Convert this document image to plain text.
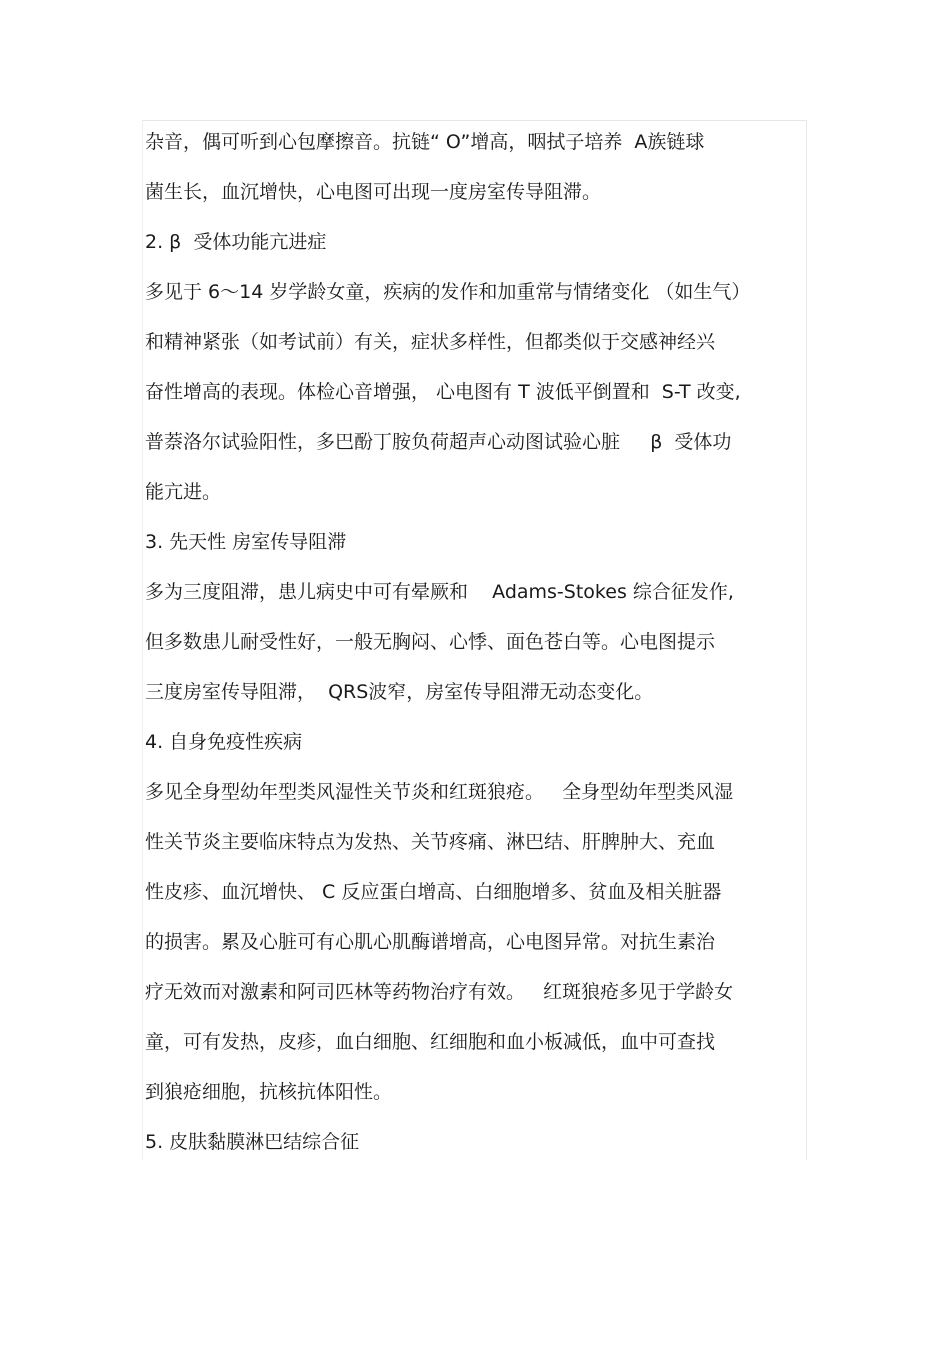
杂音，偶可听到心包摩擦音。抗链“ O”增高，咽拭子培养  A族链球
菌生长，血沉增快，心电图可出现一度房室传导阻滞。
2. β  受体功能亢进症
多见于 6～14 岁学龄女童，疾病的发作和加重常与情绪变化 （如生气）
和精神紧张（如考试前）有关，症状多样性，但都类似于交感神经兴
奋性增高的表现。体检心音增强， 心电图有 T 波低平倒置和  S-T 改变,
普萘洛尔试验阳性，多巴酚丁胺负荷超声心动图试验心脏     β  受体功
能亢进。
3. 先天性 房室传导阻滞
多为三度阻滞，患儿病史中可有晕厥和    Adams-Stokes 综合征发作,
但多数患儿耐受性好，一般无胸闷、心悸、面色苍白等。心电图提示
三度房室传导阻滞，  QRS波窄，房室传导阻滞无动态变化。
4. 自身免疫性疾病
多见全身型幼年型类风湿性关节炎和红斑狼疮。   全身型幼年型类风湿
性关节炎主要临床特点为发热、关节疼痛、淋巴结、肝脾肿大、充血
性皮疹、血沉增快、 C 反应蛋白增高、白细胞增多、贫血及相关脏器
的损害。累及心脏可有心肌心肌酶谱增高，心电图异常。对抗生素治
疗无效而对激素和阿司匹林等药物治疗有效。   红斑狼疮多见于学龄女
童，可有发热，皮疹，血白细胞、红细胞和血小板减低，血中可查找
到狼疮细胞，抗核抗体阳性。
5. 皮肤黏膜淋巴结综合征
